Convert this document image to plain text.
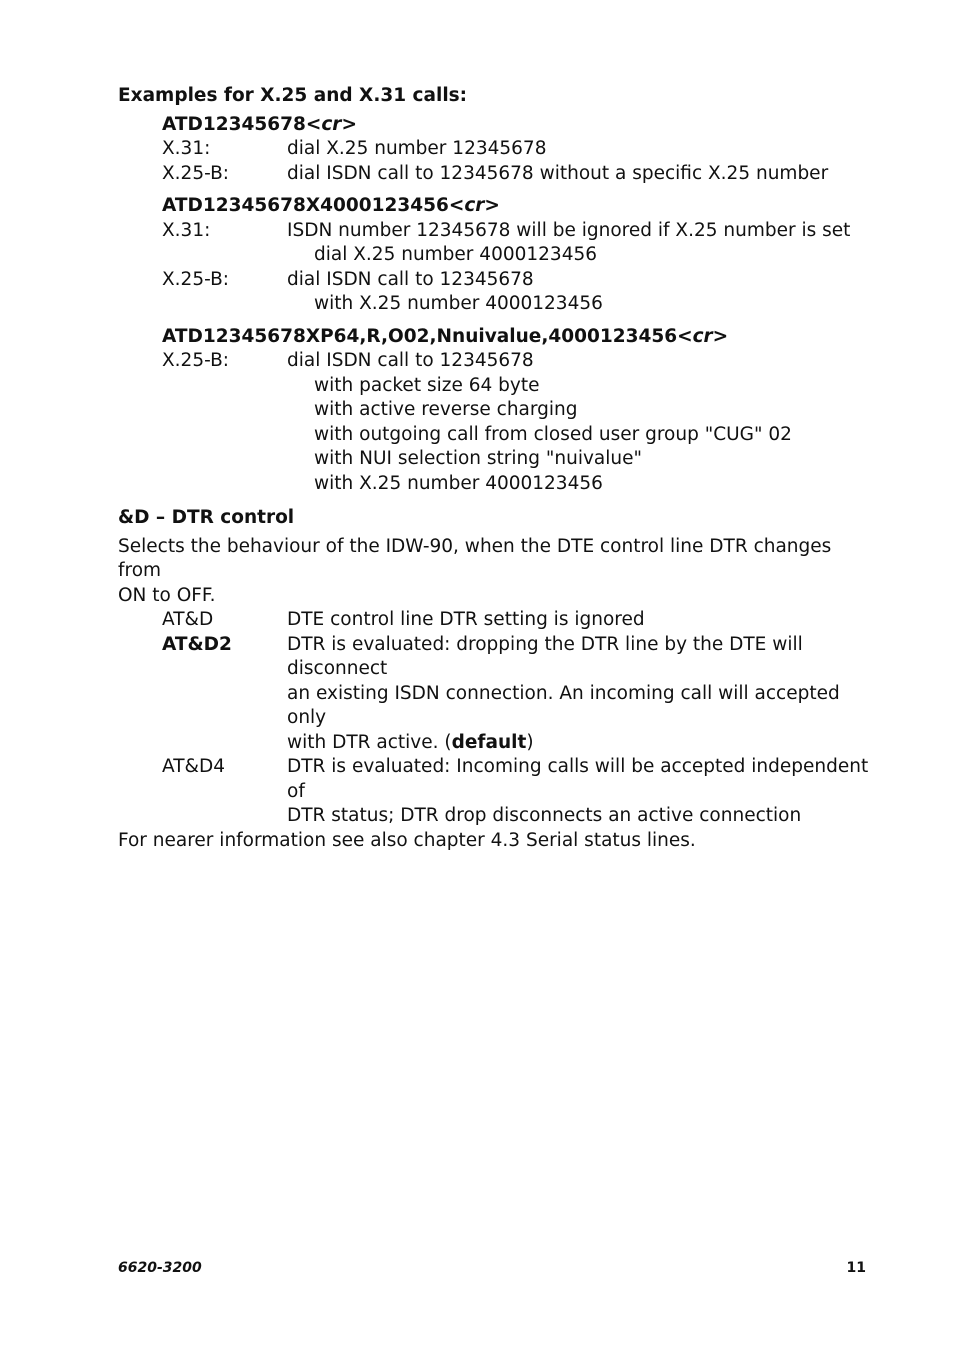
Examples for X.25 and X.31 calls:

ATD12345678<cr>

X.31:	dial X.25 number 12345678
X.25-B:	dial ISDN call to 12345678 without a specific X.25 number

ATD12345678X4000123456<cr>

X.31:	ISDN number 12345678 will be ignored if X.25 number is set
dial X.25 number 4000123456
X.25-B:	dial ISDN call to 12345678
with X.25 number 4000123456

ATD12345678XP64,R,O02,Nnuivalue,4000123456<cr>

X.25-B:	dial ISDN call to 12345678
with packet size 64 byte
with active reverse charging
with outgoing call from closed user group "CUG" 02
with NUI selection string "nuivalue"
with X.25 number 4000123456

&D – DTR control

Selects the behaviour of the IDW-90, when the DTE control line DTR changes from
ON to OFF.

AT&D	DTE control line DTR setting is ignored
AT&D2	DTR is evaluated: dropping the DTR line by the DTE will disconnect
an existing ISDN connection. An incoming call will accepted only
with DTR active. (default)
AT&D4	DTR is evaluated: Incoming calls will be accepted independent of
DTR status; DTR drop disconnects an active connection

For nearer information see also chapter 4.3 Serial status lines.

6620-3200	11
